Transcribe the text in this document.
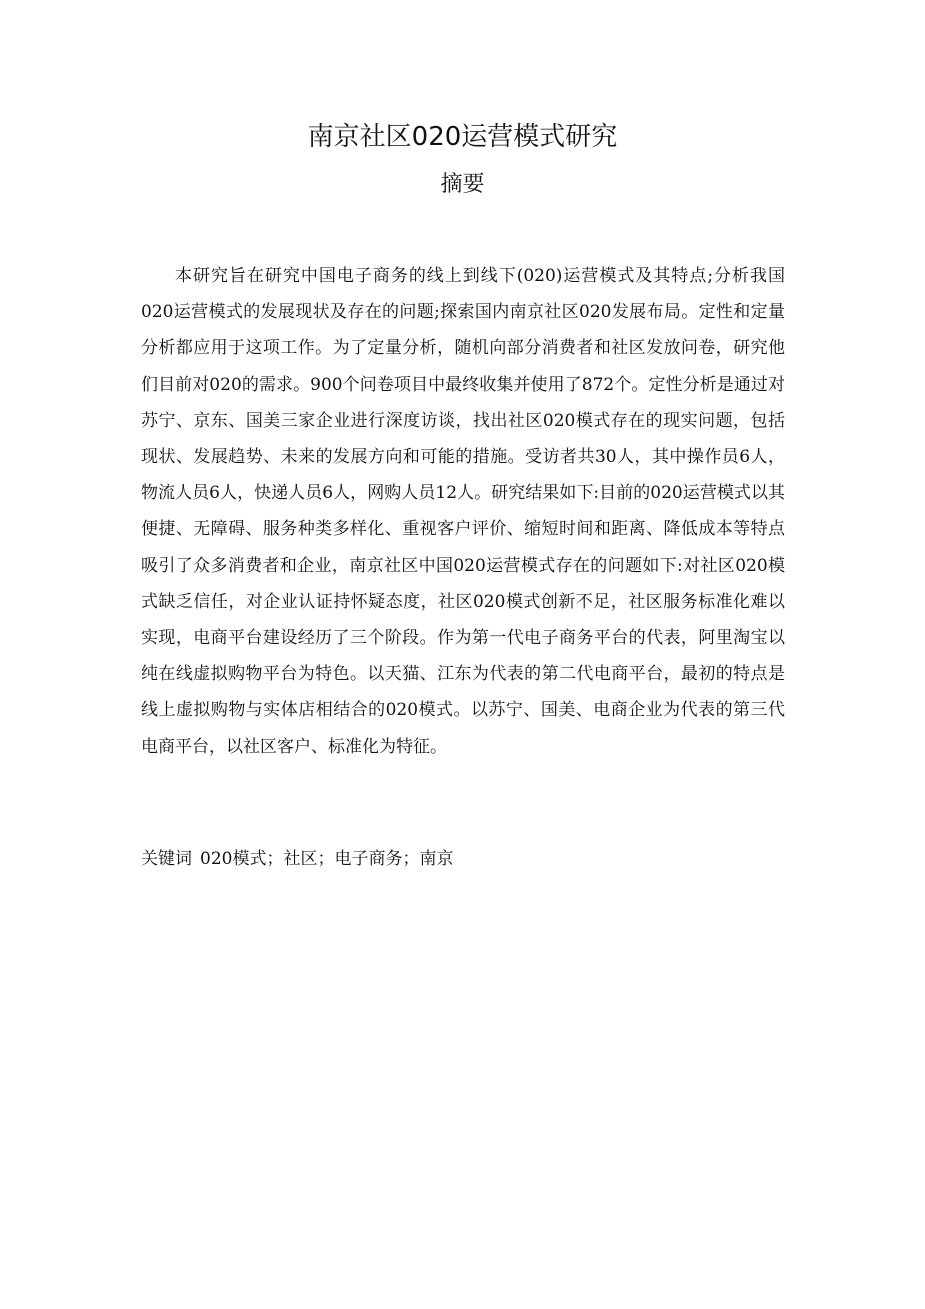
南京社区020运营模式研究
摘要

本研究旨在研究中国电子商务的线上到线下(020)运营模式及其特点;分析我国020运营模式的发展现状及存在的问题;探索国内南京社区020发展布局。定性和定量分析都应用于这项工作。为了定量分析，随机向部分消费者和社区发放问卷，研究他们目前对020的需求。900个问卷项目中最终收集并使用了872个。定性分析是通过对苏宁、京东、国美三家企业进行深度访谈，找出社区020模式存在的现实问题，包括现状、发展趋势、未来的发展方向和可能的措施。受访者共30人，其中操作员6人，物流人员6人，快递人员6人，网购人员12人。研究结果如下:目前的020运营模式以其便捷、无障碍、服务种类多样化、重视客户评价、缩短时间和距离、降低成本等特点吸引了众多消费者和企业，南京社区中国020运营模式存在的问题如下:对社区020模式缺乏信任，对企业认证持怀疑态度，社区020模式创新不足，社区服务标准化难以实现，电商平台建设经历了三个阶段。作为第一代电子商务平台的代表，阿里淘宝以纯在线虚拟购物平台为特色。以天猫、江东为代表的第二代电商平台，最初的特点是线上虚拟购物与实体店相结合的020模式。以苏宁、国美、电商企业为代表的第三代电商平台，以社区客户、标准化为特征。

关键词 020模式；社区；电子商务；南京
